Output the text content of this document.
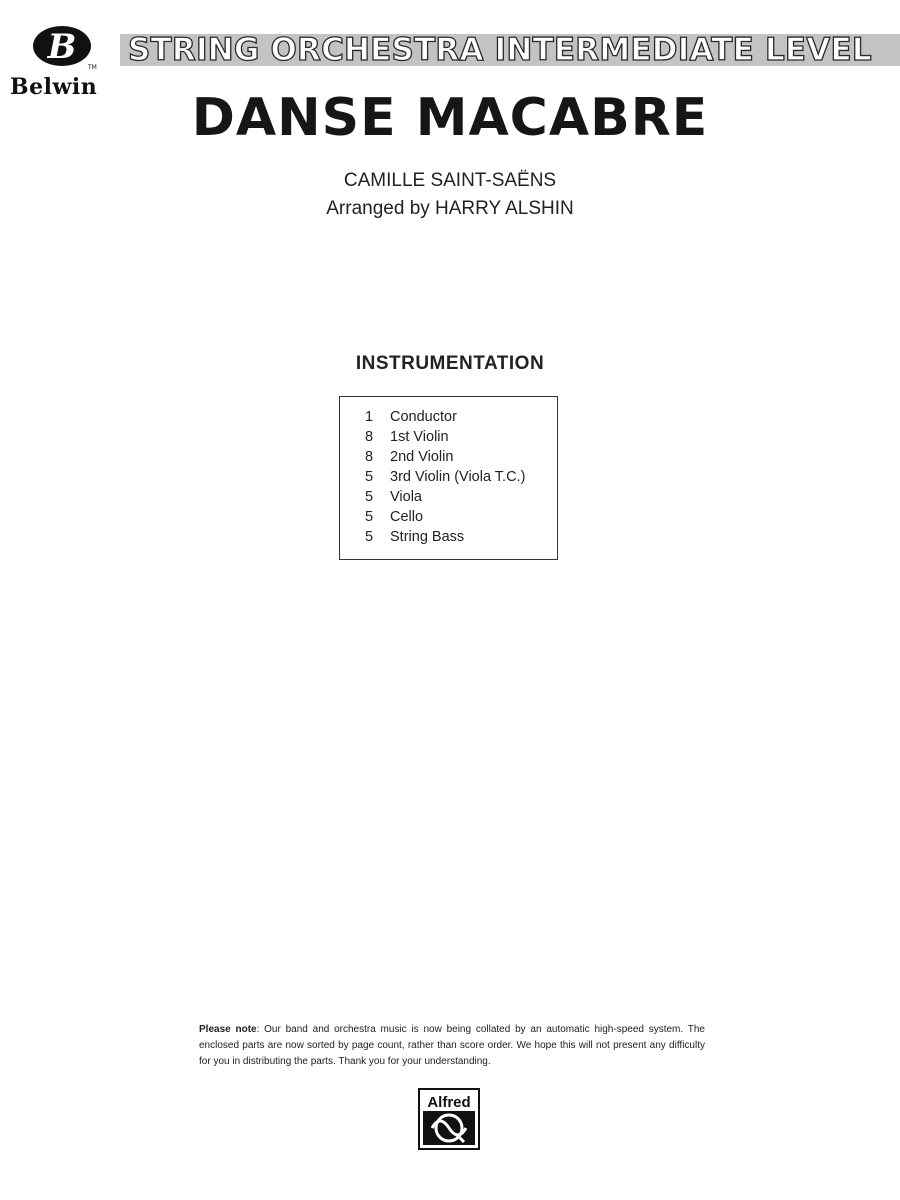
B
TM
Belwin
STRING ORCHESTRA INTERMEDIATE LEVEL
DANSE MACABRE
CAMILLE SAINT-SAËNS
Arranged by HARRY ALSHIN
INSTRUMENTATION
1	Conductor
8	1st Violin
8	2nd Violin
5	3rd Violin (Viola T.C.)
5	Viola
5	Cello
5	String Bass
Please note: Our band and orchestra music is now being collated by an automatic high-speed system. The enclosed parts are now sorted by page count, rather than score order. We hope this will not present any difficulty for you in distributing the parts. Thank you for your understanding.
Alfred
